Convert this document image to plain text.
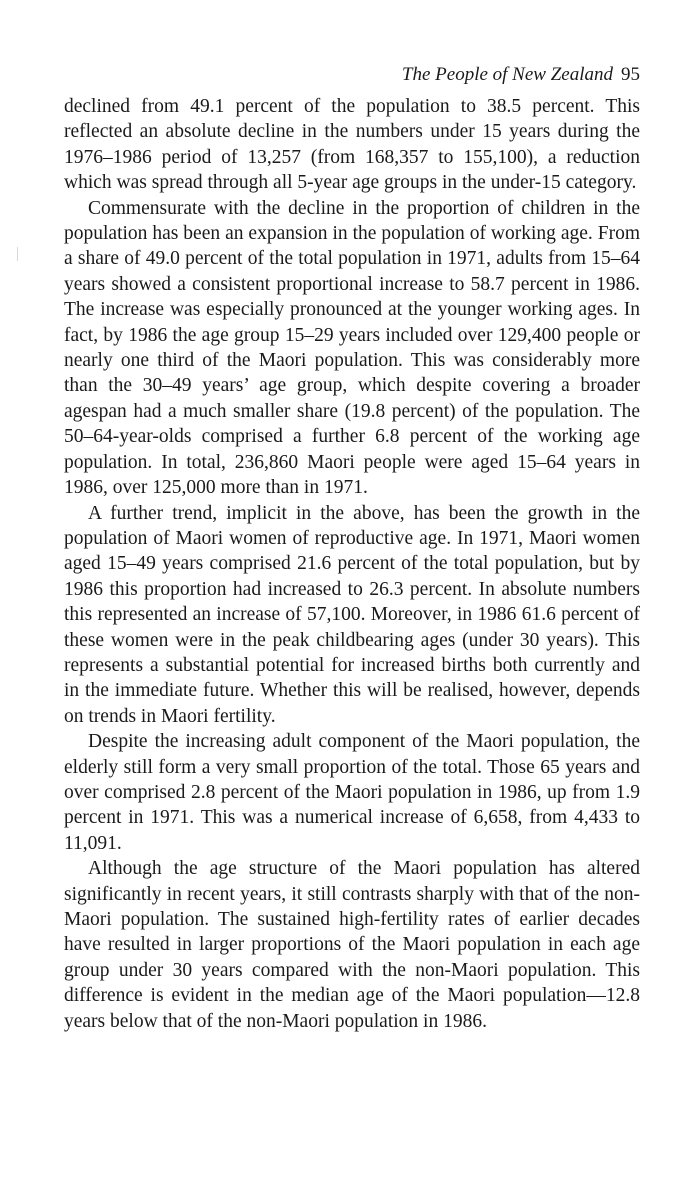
The People of New Zealand 95

declined from 49.1 percent of the population to 38.5 percent. This reflected an absolute decline in the numbers under 15 years during the 1976–1986 period of 13,257 (from 168,357 to 155,100), a reduction which was spread through all 5-year age groups in the under-15 category.

Commensurate with the decline in the proportion of children in the population has been an expansion in the population of working age. From a share of 49.0 percent of the total population in 1971, adults from 15–64 years showed a consistent proportional increase to 58.7 percent in 1986. The increase was especially pronounced at the younger working ages. In fact, by 1986 the age group 15–29 years included over 129,400 people or nearly one third of the Maori population. This was considerably more than the 30–49 years’ age group, which despite covering a broader agespan had a much smaller share (19.8 percent) of the population. The 50–64-year-olds comprised a further 6.8 percent of the working age population. In total, 236,860 Maori people were aged 15–64 years in 1986, over 125,000 more than in 1971.

A further trend, implicit in the above, has been the growth in the population of Maori women of reproductive age. In 1971, Maori women aged 15–49 years comprised 21.6 percent of the total population, but by 1986 this proportion had increased to 26.3 percent. In absolute numbers this represented an increase of 57,100. Moreover, in 1986 61.6 percent of these women were in the peak childbearing ages (under 30 years). This represents a substantial potential for increased births both currently and in the immediate future. Whether this will be realised, however, depends on trends in Maori fertility.

Despite the increasing adult component of the Maori population, the elderly still form a very small proportion of the total. Those 65 years and over comprised 2.8 percent of the Maori population in 1986, up from 1.9 percent in 1971. This was a numerical increase of 6,658, from 4,433 to 11,091.

Although the age structure of the Maori population has altered significantly in recent years, it still contrasts sharply with that of the non-Maori population. The sustained high-fertility rates of earlier decades have resulted in larger proportions of the Maori population in each age group under 30 years compared with the non-Maori population. This difference is evident in the median age of the Maori population—12.8 years below that of the non-Maori population in 1986.
